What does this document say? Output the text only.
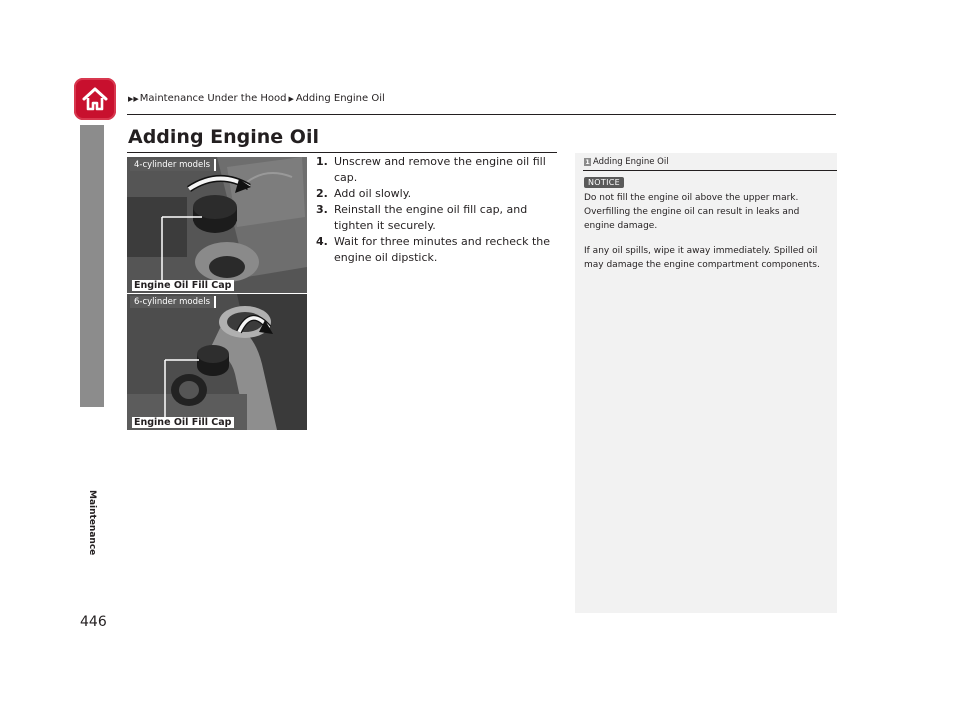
▶▶ Maintenance Under the Hood ▶ Adding Engine Oil
Maintenance
446
Adding Engine Oil
4-cylinder models
Engine Oil Fill Cap
6-cylinder models
Engine Oil Fill Cap
1. Unscrew and remove the engine oil fill cap.
2. Add oil slowly.
3. Reinstall the engine oil fill cap, and tighten it securely.
4. Wait for three minutes and recheck the engine oil dipstick.
1 Adding Engine Oil
NOTICE

Do not fill the engine oil above the upper mark. Overfilling the engine oil can result in leaks and engine damage.

If any oil spills, wipe it away immediately. Spilled oil may damage the engine compartment components.
